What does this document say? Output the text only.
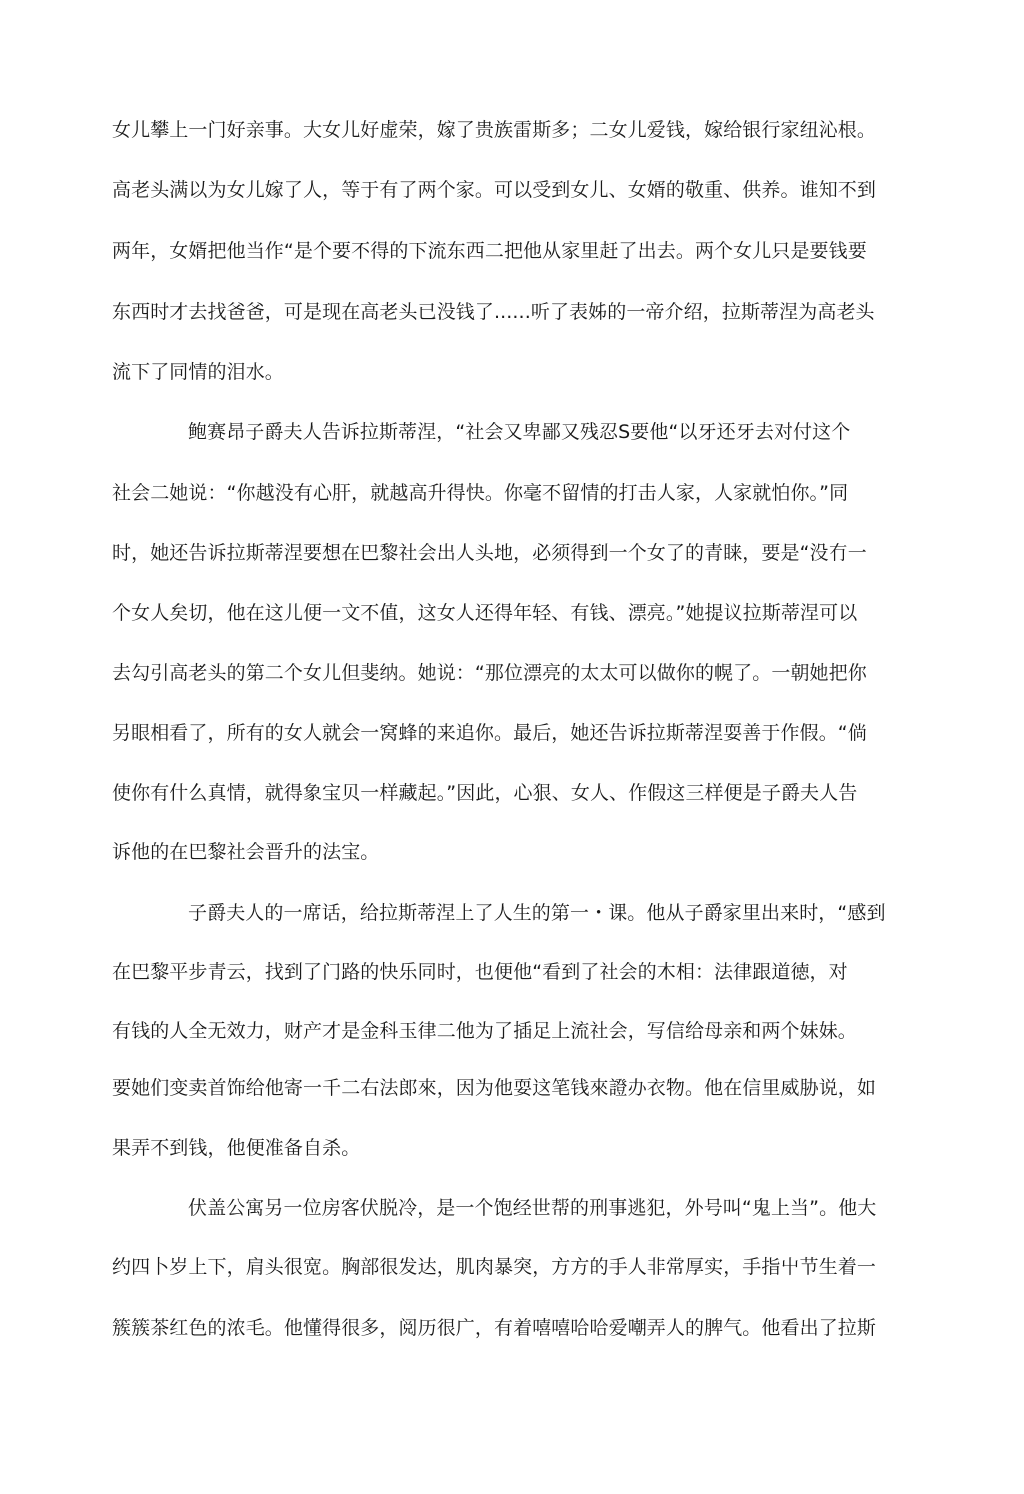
女儿攀上一门好亲事。大女儿好虚荣，嫁了贵族雷斯多；二女儿爱钱，嫁给银行家纽沁根。
高老头满以为女儿嫁了人，等于有了两个家。可以受到女儿、女婿的敬重、供养。谁知不到
两年，女婿把他当作“是个要不得的下流东西二把他从家里赶了出去。两个女儿只是要钱要
东西时才去找爸爸，可是现在高老头已没钱了......听了表姊的一帝介绍，拉斯蒂涅为高老头
流下了同情的泪水。
鲍赛昂子爵夫人告诉拉斯蒂涅，“社会又卑鄙又残忍S要他“以牙还牙去对付这个
社会二她说：“你越没有心肝，就越高升得快。你毫不留情的打击人家，人家就怕你。”同
时，她还告诉拉斯蒂涅要想在巴黎社会出人头地，必须得到一个女了的青睐，要是“没冇一
个女人矣切，他在这儿便一文不值，这女人还得年轻、有钱、漂亮。”她提议拉斯蒂涅可以
去勾引高老头的第二个女儿但斐纳。她说：“那位漂亮的太太可以做你的幌了。一朝她把你
另眼相看了，所有的女人就会一窝蜂的来追你。最后，她还告诉拉斯蒂涅耍善于作假。“倘
使你有什么真情，就得象宝贝一样藏起。”因此，心狠、女人、作假这三样便是子爵夫人告
诉他的在巴黎社会晋升的法宝。
子爵夫人的一席话，给拉斯蒂涅上了人生的第一・课。他从子爵家里出来时，“感到
在巴黎平步青云，找到了门路的快乐同时，也便他“看到了社会的木相：法律跟道徳，对
有钱的人全无效力，财产才是金科玉律二他为了插足上流社会，写信给母亲和两个妹妹。
要她们变卖首饰给他寄一千二右法郎來，因为他耍这笔钱來證办衣物。他在信里威胁说，如
果弄不到钱，他便准备自杀。
伏盖公寓另一位房客伏脱冷，是一个饱经世帮的刑事逃犯，外号叫“鬼上当”。他大
约四卜岁上下，肩头很宽。胸部很发达，肌肉暴突，方方的手人非常厚实，手指屮节生着一
簇簇茶红色的浓毛。他懂得很多，阅历很广，有着嘻嘻哈哈爱嘲弄人的脾气。他看出了拉斯
